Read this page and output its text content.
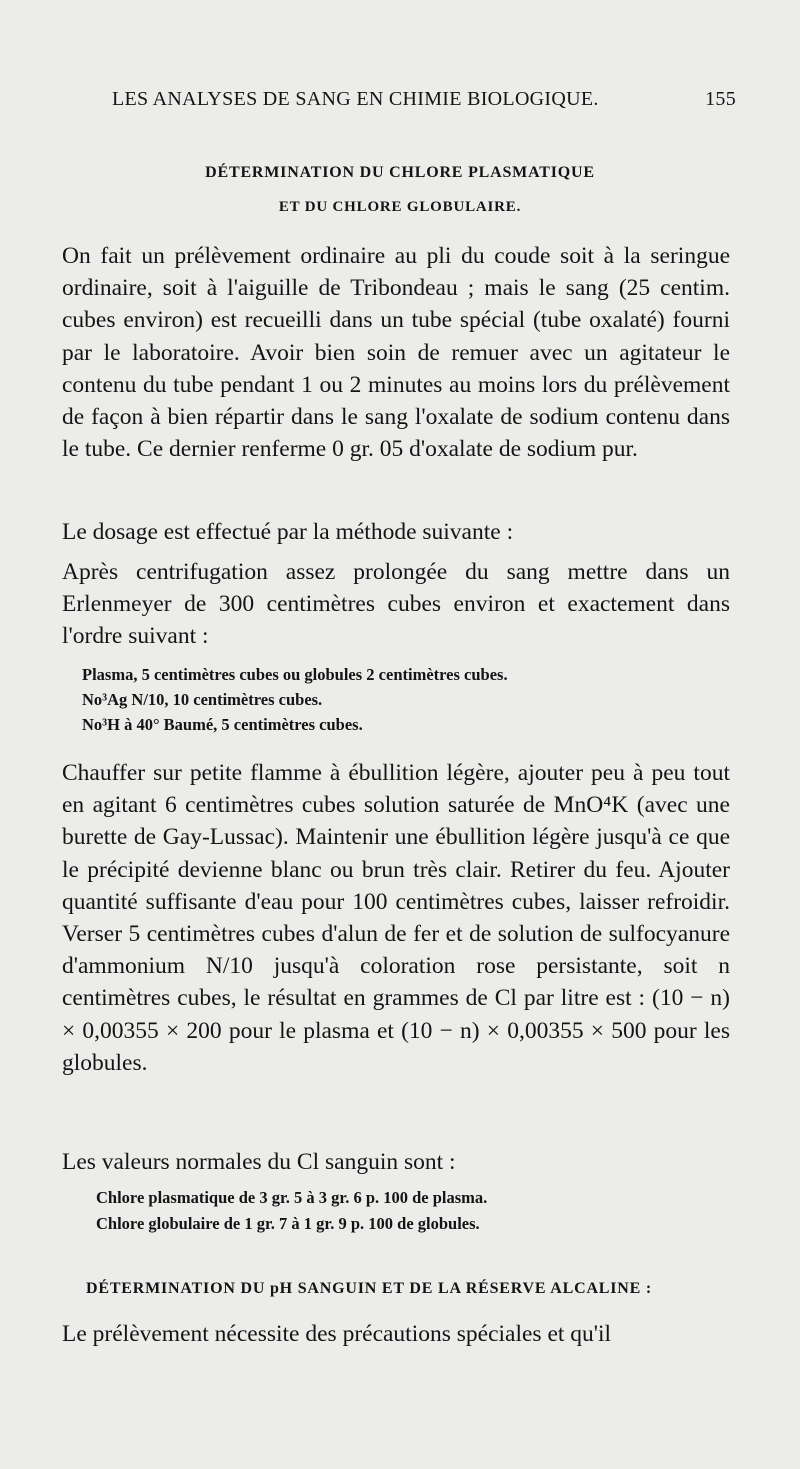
LES ANALYSES DE SANG EN CHIMIE BIOLOGIQUE.	155
DÉTERMINATION DU CHLORE PLASMATIQUE
ET DU CHLORE GLOBULAIRE.

On fait un prélèvement ordinaire au pli du coude soit à la seringue ordinaire, soit à l'aiguille de Tribondeau ; mais le sang (25 centim. cubes environ) est recueilli dans un tube spécial (tube oxalaté) fourni par le laboratoire. Avoir bien soin de remuer avec un agitateur le contenu du tube pendant 1 ou 2 minutes au moins lors du prélèvement de façon à bien répartir dans le sang l'oxalate de sodium contenu dans le tube. Ce dernier renferme 0 gr. 05 d'oxalate de sodium pur.

Le dosage est effectué par la méthode suivante :

Après centrifugation assez prolongée du sang mettre dans un Erlenmeyer de 300 centimètres cubes environ et exactement dans l'ordre suivant :

Plasma, 5 centimètres cubes ou globules 2 centimètres cubes.
No³Ag N/10, 10 centimètres cubes.
No³H à 40° Baumé, 5 centimètres cubes.

Chauffer sur petite flamme à ébullition légère, ajouter peu à peu tout en agitant 6 centimètres cubes solution saturée de MnO⁴K (avec une burette de Gay-Lussac). Maintenir une ébullition légère jusqu'à ce que le précipité devienne blanc ou brun très clair. Retirer du feu. Ajouter quantité suffisante d'eau pour 100 centimètres cubes, laisser refroidir. Verser 5 centimètres cubes d'alun de fer et de solution de sulfocyanure d'ammonium N/10 jusqu'à coloration rose persistante, soit n centimètres cubes, le résultat en grammes de Cl par litre est : (10 − n) × 0,00355 × 200 pour le plasma et (10 − n) × 0,00355 × 500 pour les globules.

Les valeurs normales du Cl sanguin sont :

Chlore plasmatique de 3 gr. 5 à 3 gr. 6 p. 100 de plasma.
Chlore globulaire de 1 gr. 7 à 1 gr. 9 p. 100 de globules.
DÉTERMINATION DU pH SANGUIN ET DE LA RÉSERVE ALCALINE :

Le prélèvement nécessite des précautions spéciales et qu'il
